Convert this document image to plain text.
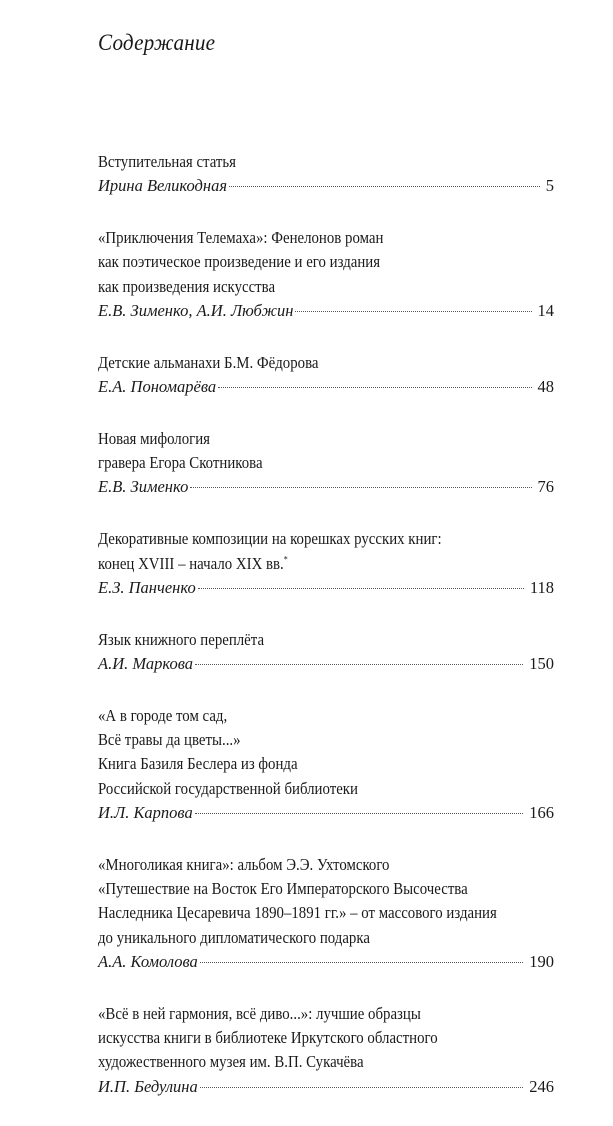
Содержание
Вступительная статья
Ирина Великодная	5
«Приключения Телемаха»: Фенелонов роман
как поэтическое произведение и его издания
как произведения искусства
Е.В. Зименко, А.И. Любжин	14
Детские альманахи Б.М. Фёдорова
Е.А. Пономарёва	48
Новая мифология
гравера Егора Скотникова
Е.В. Зименко	76
Декоративные композиции на корешках русских книг:
конец XVIII – начало XIX вв.*
Е.З. Панченко	118
Язык книжного переплёта
А.И. Маркова	150
«А в городе том сад,
Всё травы да цветы...»
Книга Базиля Беслера из фонда
Российской государственной библиотеки
И.Л. Карпова	166
«Многоликая книга»: альбом Э.Э. Ухтомского
«Путешествие на Восток Его Императорского Высочества
Наследника Цесаревича 1890–1891 гг.» – от массового издания
до уникального дипломатического подарка
А.А. Комолова	190
«Всё в ней гармония, всё диво...»: лучшие образцы
искусства книги в библиотеке Иркутского областного
художественного музея им. В.П. Сукачёва
И.П. Бедулина	246
